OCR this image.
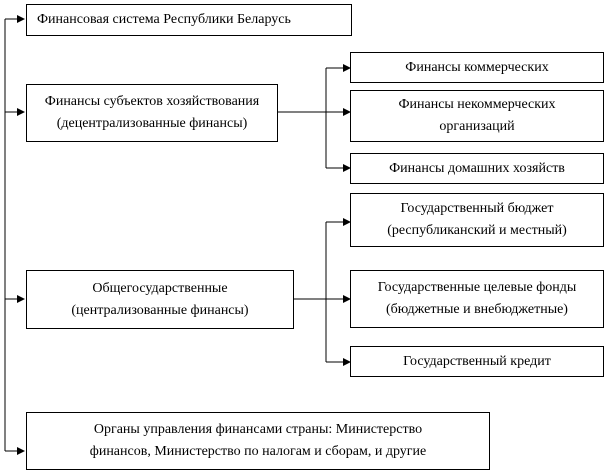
Финансовая система Республики Беларусь
Финансы субъектов хозяйствования
(децентрализованные финансы)
Финансы коммерческих
Финансы некоммерческих
организаций
Финансы домашних хозяйств
Общегосударственные
(централизованные финансы)
Государственный бюджет
(республиканский и местный)
Государственные целевые фонды
(бюджетные и внебюджетные)
Государственный кредит
Органы управления финансами страны: Министерство
финансов, Министерство по налогам и сборам, и другие
